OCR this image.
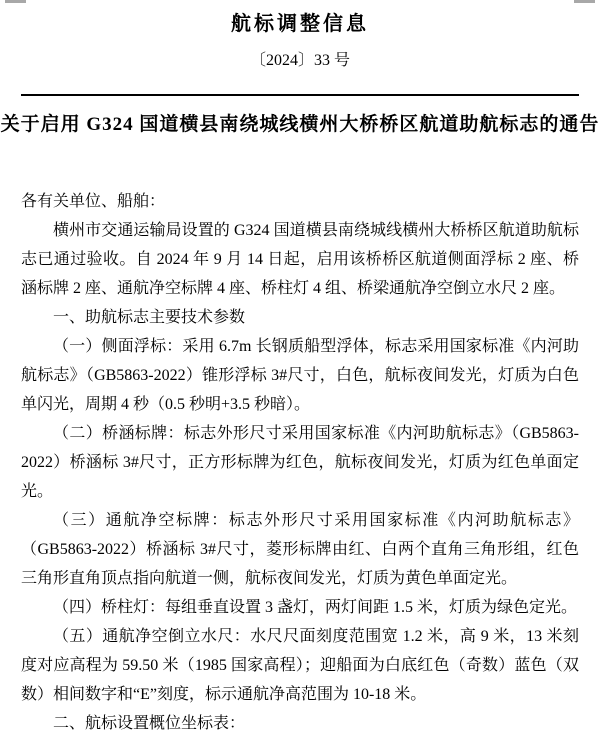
航标调整信息
〔2024〕33 号
关于启用 G324 国道横县南绕城线横州大桥桥区航道助航标志的通告

各有关单位、船舶：

横州市交通运输局设置的 G324 国道横县南绕城线横州大桥桥区航道助航标志已通过验收。自 2024 年 9 月 14 日起，启用该桥桥区航道侧面浮标 2 座、桥涵标牌 2 座、通航净空标牌 4 座、桥柱灯 4 组、桥梁通航净空倒立水尺 2 座。

一、助航标志主要技术参数

（一）侧面浮标：采用 6.7m 长钢质船型浮体，标志采用国家标准《内河助航标志》（GB5863-2022）锥形浮标 3#尺寸，白色，航标夜间发光，灯质为白色单闪光，周期 4 秒（0.5 秒明+3.5 秒暗）。

（二）桥涵标牌：标志外形尺寸采用国家标准《内河助航标志》（GB5863-2022）桥涵标 3#尺寸，正方形标牌为红色，航标夜间发光，灯质为红色单面定光。

（三）通航净空标牌：标志外形尺寸采用国家标准《内河助航标志》（GB5863-2022）桥涵标 3#尺寸，菱形标牌由红、白两个直角三角形组，红色三角形直角顶点指向航道一侧，航标夜间发光，灯质为黄色单面定光。

（四）桥柱灯：每组垂直设置 3 盏灯，两灯间距 1.5 米，灯质为绿色定光。

（五）通航净空倒立水尺：水尺尺面刻度范围宽 1.2 米，高 9 米，13 米刻度对应高程为 59.50 米（1985 国家高程）；迎船面为白底红色（奇数）蓝色（双数）相间数字和“E”刻度，标示通航净高范围为 10-18 米。

二、航标设置概位坐标表：
